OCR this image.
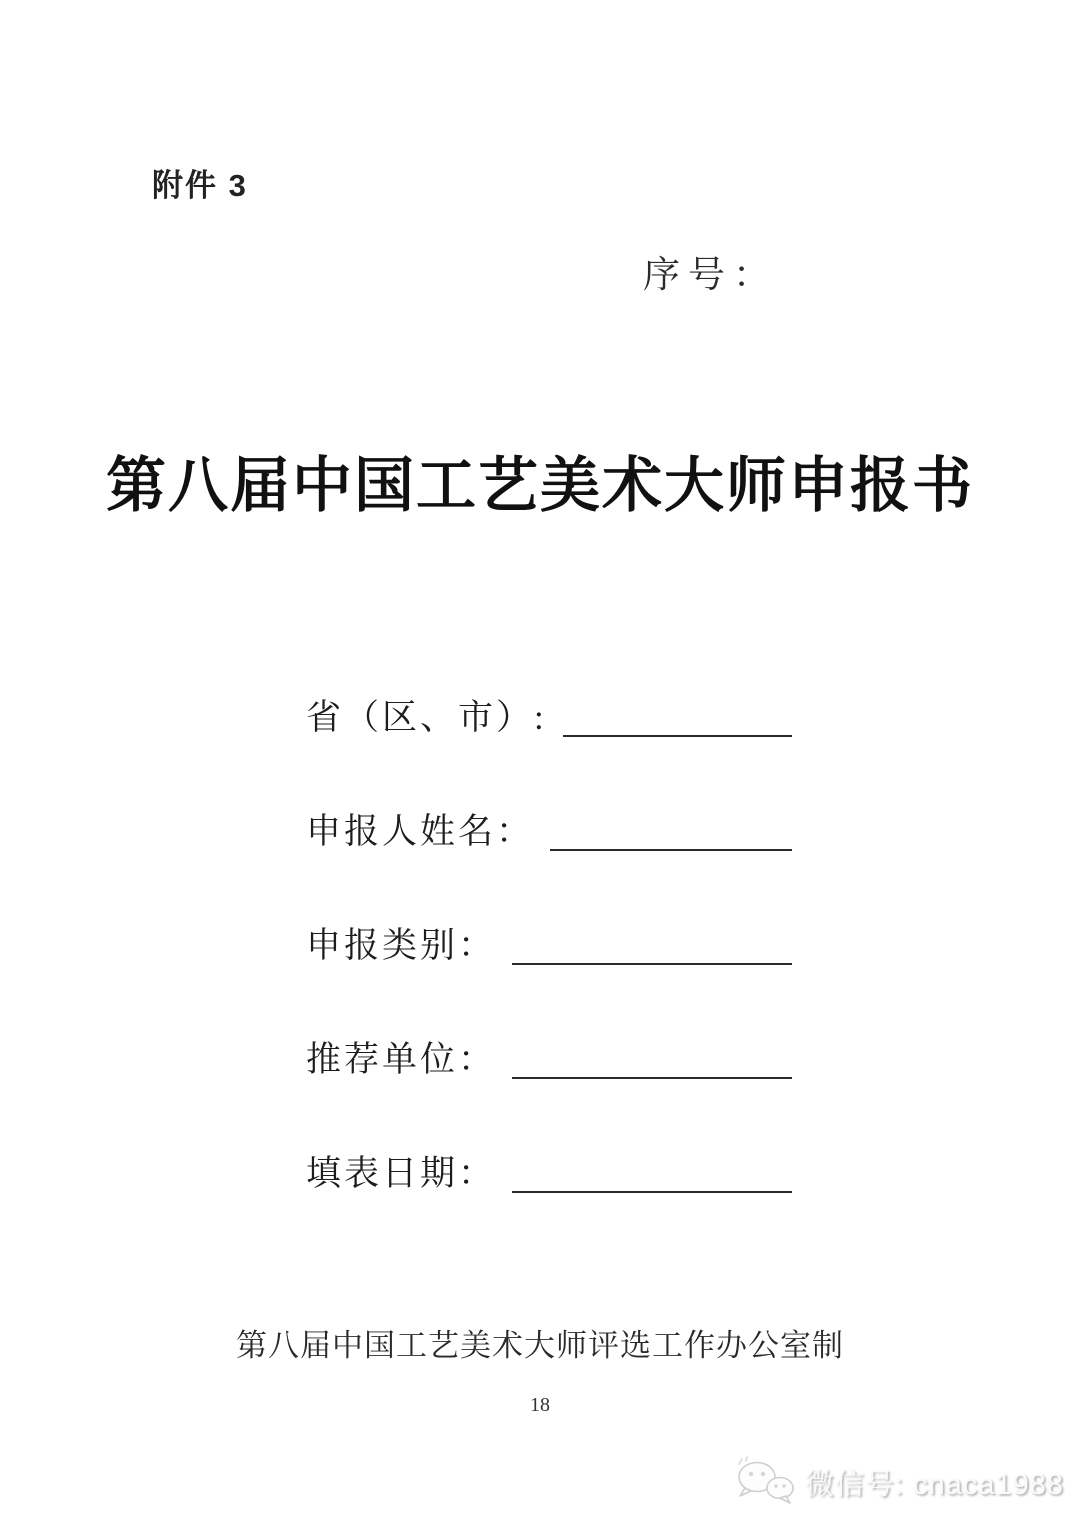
附件 3
序号：
第八届中国工艺美术大师申报书
省（区、市）:
申报人姓名：
申报类别：
推荐单位：
填表日期：
第八届中国工艺美术大师评选工作办公室制
18
微信号: cnaca1988
